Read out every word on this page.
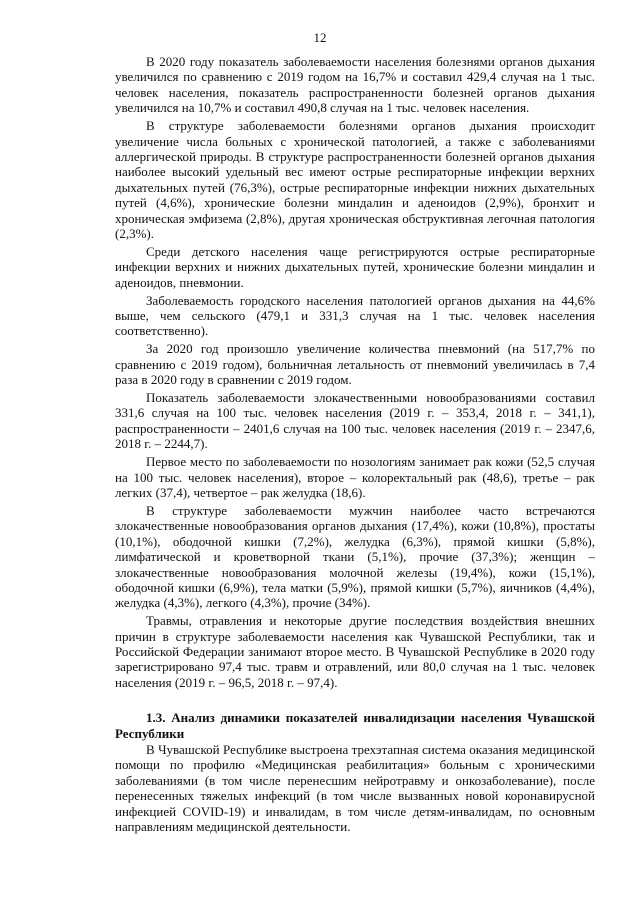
12

В 2020 году показатель заболеваемости населения болезнями органов дыхания увеличился по сравнению с 2019 годом на 16,7% и составил 429,4 случая на 1 тыс. человек населения, показатель распространенности болезней органов дыхания увеличился на 10,7% и составил 490,8 случая на 1 тыс. человек населения.

В структуре заболеваемости болезнями органов дыхания происходит увеличение числа больных с хронической патологией, а также с заболеваниями аллергической природы. В структуре распространенности болезней органов дыхания наиболее высокий удельный вес имеют острые респираторные инфекции верхних дыхательных путей (76,3%), острые респираторные инфекции нижних дыхательных путей (4,6%), хронические болезни миндалин и аденоидов (2,9%), бронхит и хроническая эмфизема (2,8%), другая хроническая обструктивная легочная патология (2,3%).

Среди детского населения чаще регистрируются острые респираторные инфекции верхних и нижних дыхательных путей, хронические болезни миндалин и аденоидов, пневмонии.

Заболеваемость городского населения патологией органов дыхания на 44,6% выше, чем сельского (479,1 и 331,3 случая на 1 тыс. человек населения соответственно).

За 2020 год произошло увеличение количества пневмоний (на 517,7% по сравнению с 2019 годом), больничная летальность от пневмоний увеличилась в 7,4 раза в 2020 году в сравнении с 2019 годом.

Показатель заболеваемости злокачественными новообразованиями составил 331,6 случая на 100 тыс. человек населения (2019 г. – 353,4, 2018 г. – 341,1), распространенности – 2401,6 случая на 100 тыс. человек населения (2019 г. – 2347,6, 2018 г. – 2244,7).

Первое место по заболеваемости по нозологиям занимает рак кожи (52,5 случая на 100 тыс. человек населения), второе – колоректальный рак (48,6), третье – рак легких (37,4), четвертое – рак желудка (18,6).

В структуре заболеваемости мужчин наиболее часто встречаются злокачественные новообразования органов дыхания (17,4%), кожи (10,8%), простаты (10,1%), ободочной кишки (7,2%), желудка (6,3%), прямой кишки (5,8%), лимфатической и кроветворной ткани (5,1%), прочие (37,3%); женщин – злокачественные новообразования молочной железы (19,4%), кожи (15,1%), ободочной кишки (6,9%), тела матки (5,9%), прямой кишки (5,7%), яичников (4,4%), желудка (4,3%), легкого (4,3%), прочие (34%).

Травмы, отравления и некоторые другие последствия воздействия внешних причин в структуре заболеваемости населения как Чувашской Республики, так и Российской Федерации занимают второе место. В Чувашской Республике в 2020 году зарегистрировано 97,4 тыс. травм и отравлений, или 80,0 случая на 1 тыс. человек населения (2019 г. – 96,5, 2018 г. – 97,4).

1.3. Анализ динамики показателей инвалидизации населения Чувашской Республики

В Чувашской Республике выстроена трехэтапная система оказания медицинской помощи по профилю «Медицинская реабилитация» больным с хроническими заболеваниями (в том числе перенесшим нейротравму и онкозаболевание), после перенесенных тяжелых инфекций (в том числе вызванных новой коронавирусной инфекцией COVID-19) и инвалидам, в том числе детям-инвалидам, по основным направлениям медицинской деятельности.
